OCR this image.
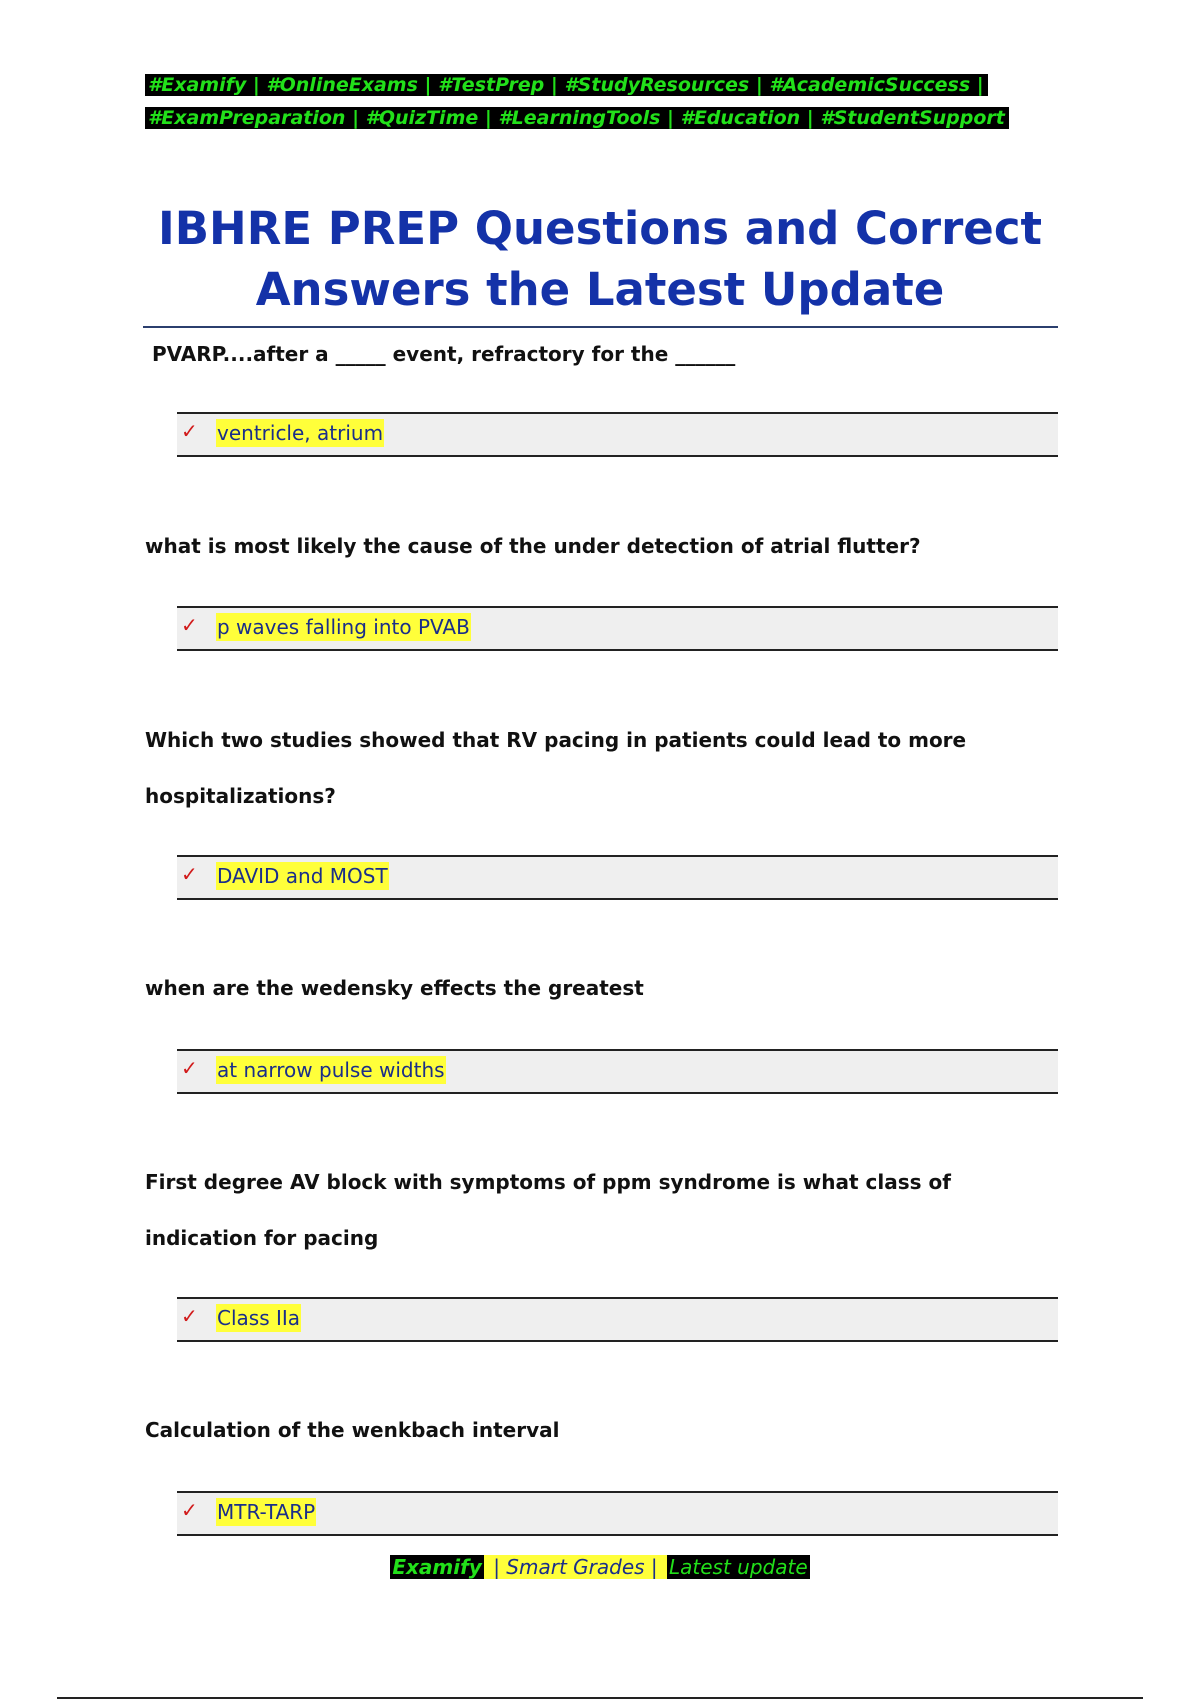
#Examify | #OnlineExams | #TestPrep | #StudyResources | #AcademicSuccess |
#ExamPreparation | #QuizTime | #LearningTools | #Education | #StudentSupport
IBHRE PREP Questions and Correct
Answers the Latest Update
PVARP....after a _____ event, refractory for the ______
✓ ventricle, atrium
what is most likely the cause of the under detection of atrial flutter?
✓ p waves falling into PVAB
Which two studies showed that RV pacing in patients could lead to more
hospitalizations?
✓ DAVID and MOST
when are the wedensky effects the greatest
✓ at narrow pulse widths
First degree AV block with symptoms of ppm syndrome is what class of
indication for pacing
✓ Class IIa
Calculation of the wenkbach interval
✓ MTR-TARP
Examify | Smart Grades | Latest update
